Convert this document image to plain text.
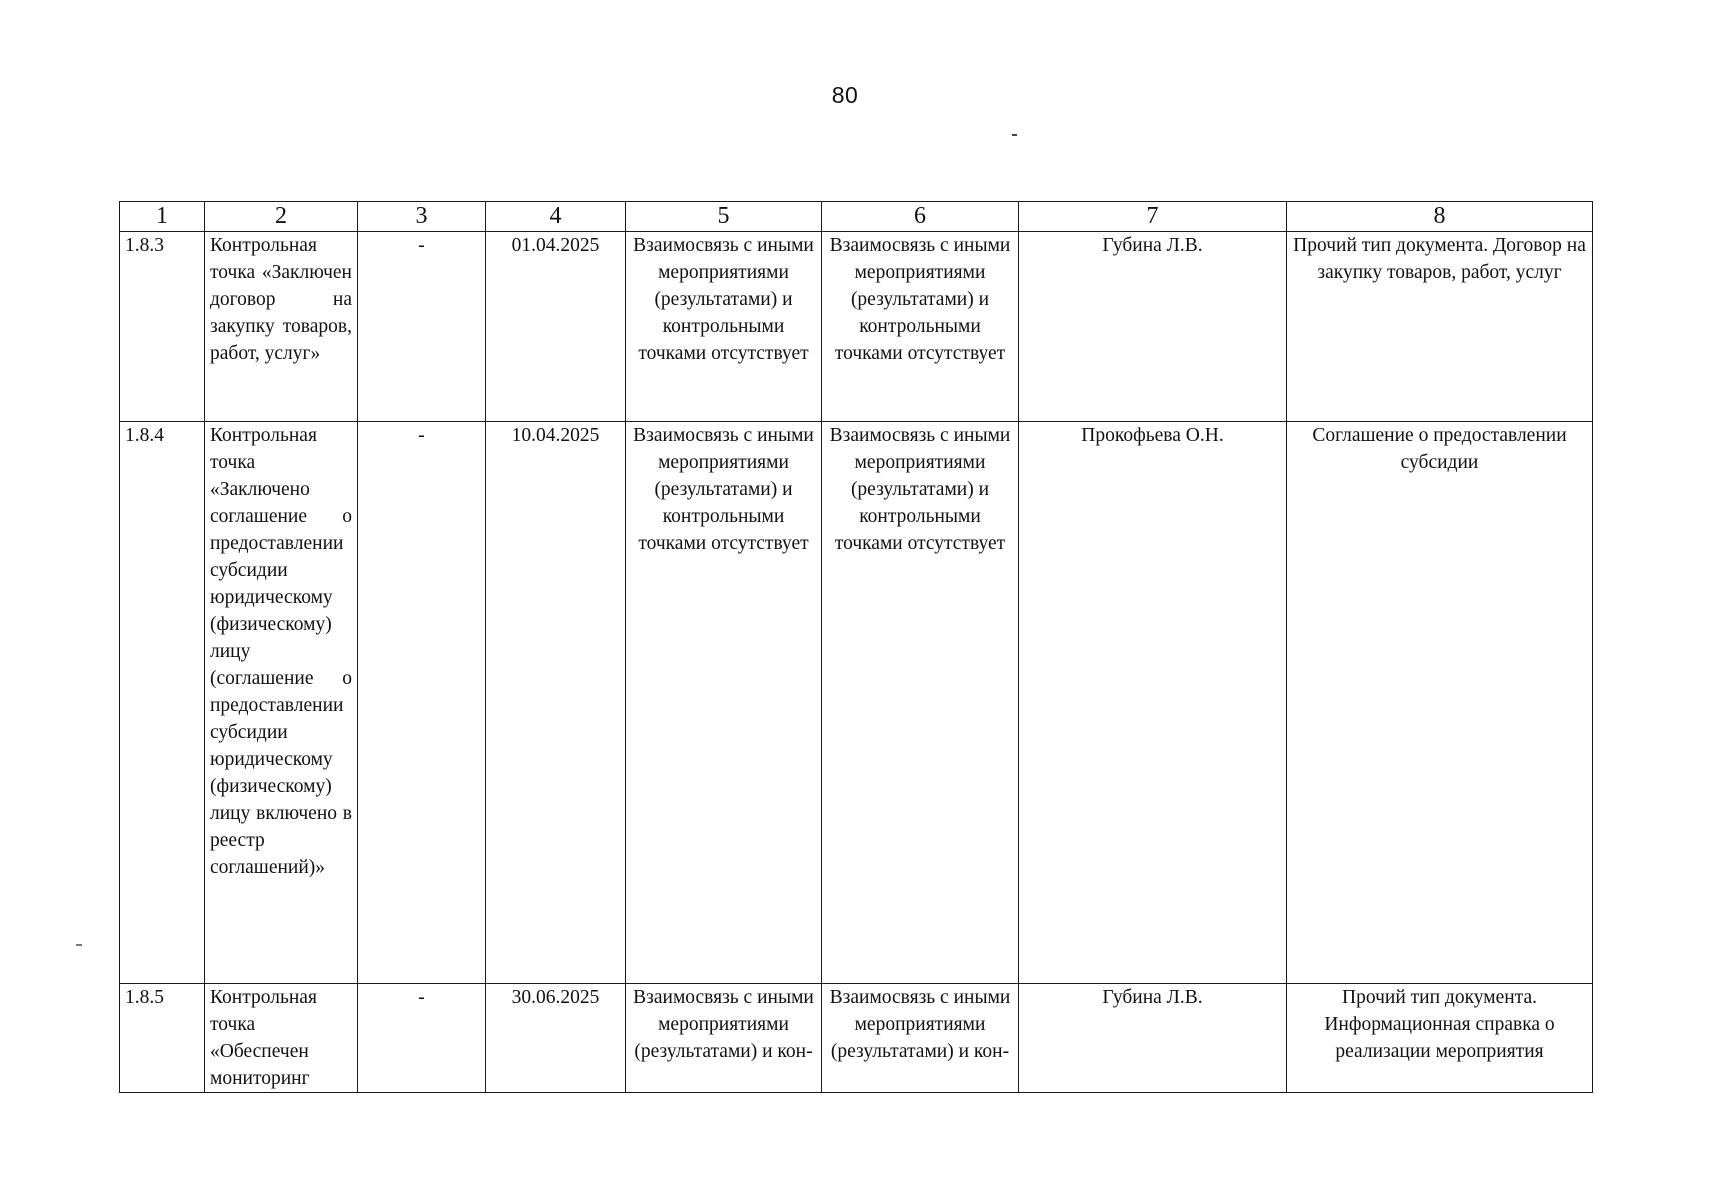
80
1	2	3	4	5	6	7	8
1.8.3	Контрольная точка «Заключен договор на закупку товаров, работ, услуг»	-	01.04.2025	Взаимосвязь с иными мероприятиями (результатами) и контрольными точками отсутствует	Взаимосвязь с иными мероприятиями (результатами) и контрольными точками отсутствует	Губина Л.В.	Прочий тип документа. Договор на закупку товаров, работ, услуг
1.8.4	Контрольная точка «Заключено соглашение о предоставлении субсидии юридическому (физическому) лицу (соглашение о предоставлении субсидии юридическому (физическому) лицу включено в реестр соглашений)»	-	10.04.2025	Взаимосвязь с иными мероприятиями (результатами) и контрольными точками отсутствует	Взаимосвязь с иными мероприятиями (результатами) и контрольными точками отсутствует	Прокофьева О.Н.	Соглашение о предоставлении субсидии
1.8.5	Контрольная точка «Обеспечен мониторинг	-	30.06.2025	Взаимосвязь с иными мероприятиями (результатами) и кон-	Взаимосвязь с иными мероприятиями (результатами) и кон-	Губина Л.В.	Прочий тип документа. Информационная справка о реализации мероприятия
